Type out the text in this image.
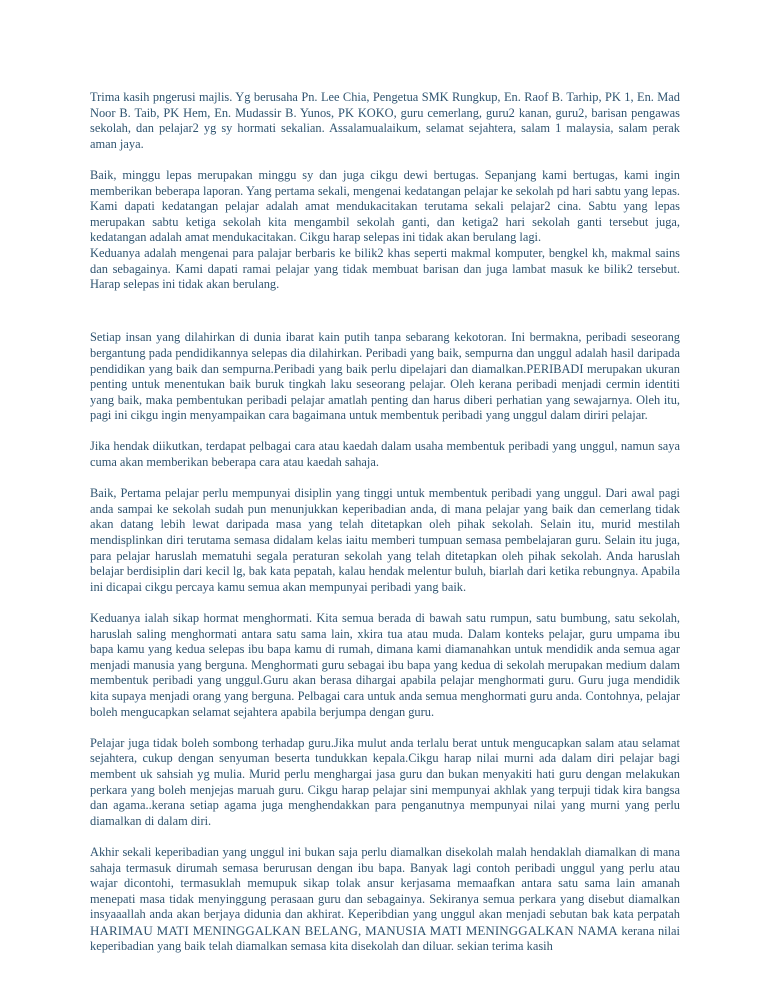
Trima kasih pngerusi majlis. Yg berusaha Pn. Lee Chia, Pengetua SMK Rungkup, En. Raof B. Tarhip, PK 1, En. Mad Noor B. Taib, PK Hem, En. Mudassir B. Yunos, PK KOKO, guru cemerlang, guru2 kanan, guru2, barisan pengawas sekolah, dan pelajar2 yg sy hormati sekalian. Assalamualaikum, selamat sejahtera, salam 1 malaysia, salam perak aman jaya.

Baik, minggu lepas merupakan minggu sy dan juga cikgu dewi bertugas. Sepanjang kami bertugas, kami ingin memberikan beberapa laporan. Yang pertama sekali, mengenai kedatangan pelajar ke sekolah pd hari sabtu yang lepas. Kami dapati kedatangan pelajar adalah amat mendukacitakan terutama sekali pelajar2 cina. Sabtu yang lepas merupakan sabtu ketiga sekolah kita mengambil sekolah ganti, dan ketiga2 hari sekolah ganti tersebut juga, kedatangan adalah amat mendukacitakan. Cikgu harap selepas ini tidak akan berulang lagi.

Keduanya adalah mengenai para palajar berbaris ke bilik2 khas seperti makmal komputer, bengkel kh, makmal sains dan sebagainya. Kami dapati ramai pelajar yang tidak membuat barisan dan juga lambat masuk ke bilik2 tersebut. Harap selepas ini tidak akan berulang.

Setiap insan yang dilahirkan di dunia ibarat kain putih tanpa sebarang kekotoran. Ini bermakna, peribadi seseorang bergantung pada pendidikannya selepas dia dilahirkan. Peribadi yang baik, sempurna dan unggul adalah hasil daripada pendidikan yang baik dan sempurna.Peribadi yang baik perlu dipelajari dan diamalkan.PERIBADI merupakan ukuran penting untuk menentukan baik buruk tingkah laku seseorang pelajar. Oleh kerana peribadi menjadi cermin identiti yang baik, maka pembentukan peribadi pelajar amatlah penting dan harus diberi perhatian yang sewajarnya. Oleh itu, pagi ini cikgu ingin menyampaikan cara bagaimana untuk membentuk peribadi yang unggul dalam diriri pelajar.

Jika hendak diikutkan, terdapat pelbagai cara atau kaedah dalam usaha membentuk peribadi yang unggul, namun saya cuma akan memberikan beberapa cara atau kaedah sahaja.

Baik, Pertama pelajar perlu mempunyai disiplin yang tinggi untuk membentuk peribadi yang unggul. Dari awal pagi anda sampai ke sekolah sudah pun menunjukkan keperibadian anda, di mana pelajar yang baik dan cemerlang tidak akan datang lebih lewat daripada masa yang telah ditetapkan oleh pihak sekolah. Selain itu, murid mestilah mendisplinkan diri terutama semasa didalam kelas iaitu memberi tumpuan semasa pembelajaran guru. Selain itu juga, para pelajar haruslah mematuhi segala peraturan sekolah yang telah ditetapkan oleh pihak sekolah. Anda haruslah belajar berdisiplin dari kecil lg, bak kata pepatah, kalau hendak melentur buluh, biarlah dari ketika rebungnya. Apabila ini dicapai cikgu percaya kamu semua akan mempunyai peribadi yang baik.

Keduanya ialah sikap hormat menghormati. Kita semua berada di bawah satu rumpun, satu bumbung, satu sekolah, haruslah saling menghormati antara satu sama lain, xkira tua atau muda. Dalam konteks pelajar, guru umpama ibu bapa kamu yang kedua selepas ibu bapa kamu di rumah, dimana kami diamanahkan untuk mendidik anda semua agar menjadi manusia yang berguna. Menghormati guru sebagai ibu bapa yang kedua di sekolah merupakan medium dalam membentuk peribadi yang unggul.Guru akan berasa dihargai apabila pelajar menghormati guru. Guru juga mendidik kita supaya menjadi orang yang berguna. Pelbagai cara untuk anda semua menghormati guru anda. Contohnya, pelajar boleh mengucapkan selamat sejahtera apabila berjumpa dengan guru.

Pelajar juga tidak boleh sombong terhadap guru.Jika mulut anda terlalu berat untuk mengucapkan salam atau selamat sejahtera, cukup dengan senyuman beserta tundukkan kepala.Cikgu harap nilai murni ada dalam diri pelajar bagi membent uk sahsiah yg mulia. Murid perlu menghargai jasa guru dan bukan menyakiti hati guru dengan melakukan perkara yang boleh menjejas maruah guru. Cikgu harap pelajar sini mempunyai akhlak yang terpuji tidak kira bangsa dan agama..kerana setiap agama juga menghendakkan para penganutnya mempunyai nilai yang murni yang perlu diamalkan di dalam diri.

Akhir sekali keperibadian yang unggul ini bukan saja perlu diamalkan disekolah malah hendaklah diamalkan di mana sahaja termasuk dirumah semasa berurusan dengan ibu bapa. Banyak lagi contoh peribadi unggul yang perlu atau wajar dicontohi, termasuklah memupuk sikap tolak ansur kerjasama memaafkan antara satu sama lain amanah menepati masa tidak menyinggung perasaan guru dan sebagainya. Sekiranya semua perkara yang disebut diamalkan insyaaallah anda akan berjaya didunia dan akhirat. Keperibdian yang unggul akan menjadi sebutan bak kata perpatah HARIMAU MATI MENINGGALKAN BELANG, MANUSIA MATI MENINGGALKAN NAMA kerana nilai keperibadian yang baik telah diamalkan semasa kita disekolah dan diluar. sekian terima kasih
